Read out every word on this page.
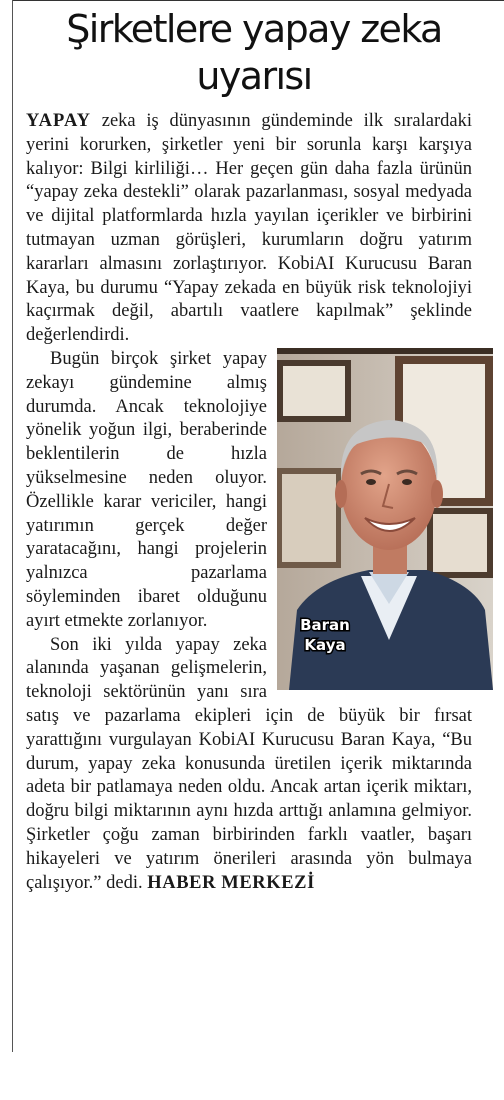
Şirketlere yapay zeka uyarısı

YAPAY zeka iş dünyasının gündeminde ilk sıralardaki yerini korurken, şirketler yeni bir sorunla karşı karşıya kalıyor: Bilgi kirliliği… Her geçen gün daha fazla ürünün “yapay zeka destekli” olarak pazarlanması, sosyal medyada ve dijital platformlarda hızla yayılan içerikler ve birbirini tutmayan uzman görüşleri, kurumların doğru yatırım kararları almasını zorlaştırıyor. KobiAI Kurucusu Baran Kaya, bu durumu “Yapay zekada en büyük risk teknolojiyi kaçırmak değil, abartılı vaatlere kapılmak” şeklinde değerlendirdi.

Baran
Kaya

Bugün birçok şirket yapay zekayı gündemine almış durumda. Ancak teknolojiye yönelik yoğun ilgi, beraberinde beklentilerin de hızla yükselmesine neden oluyor. Özellikle karar vericiler, hangi yatırımın gerçek değer yaratacağını, hangi projelerin yalnızca pazarlama söyleminden ibaret olduğunu ayırt etmekte zorlanıyor.

Son iki yılda yapay zeka alanında yaşanan gelişmelerin, teknoloji sektörünün yanı sıra satış ve pazarlama ekipleri için de büyük bir fırsat yarattığını vurgulayan KobiAI Kurucusu Baran Kaya, “Bu durum, yapay zeka konusunda üretilen içerik miktarında adeta bir patlamaya neden oldu. Ancak artan içerik miktarı, doğru bilgi miktarının aynı hızda arttığı anlamına gelmiyor. Şirketler çoğu zaman birbirinden farklı vaatler, başarı hikayeleri ve yatırım önerileri arasında yön bulmaya çalışıyor.” dedi. HABER MERKEZİ
